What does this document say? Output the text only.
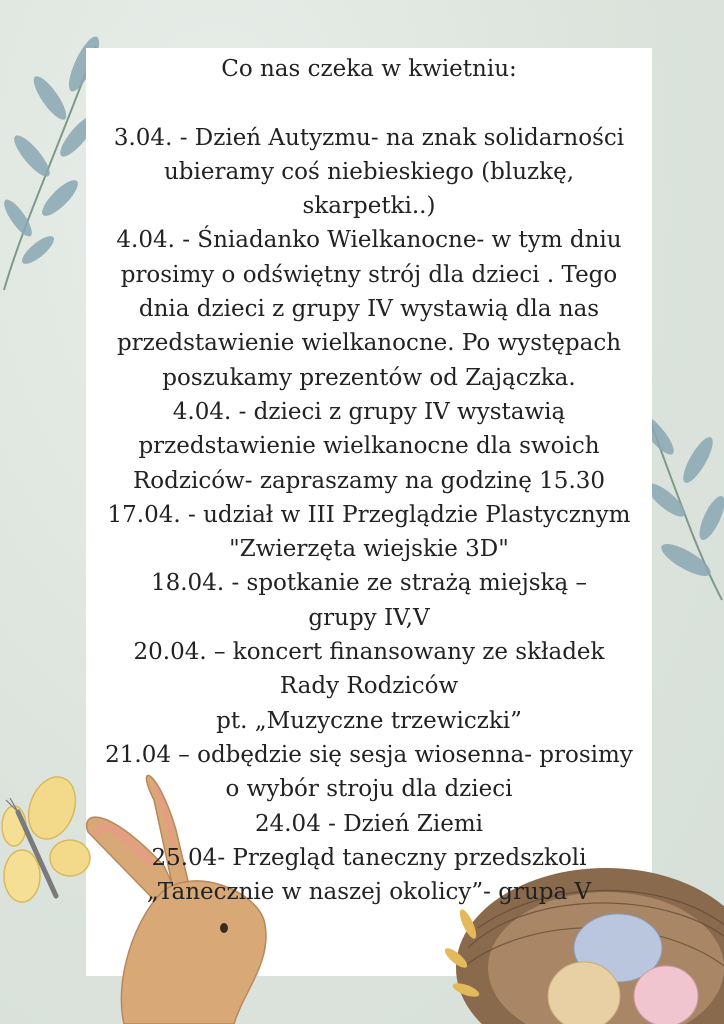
Co nas czeka w kwietniu:
3.04. - Dzień Autyzmu- na znak solidarności
ubieramy coś niebieskiego (bluzkę,
skarpetki..)
4.04. - Śniadanko Wielkanocne- w tym dniu
prosimy o odświętny strój dla dzieci . Tego
dnia dzieci z grupy IV wystawią dla nas
przedstawienie wielkanocne. Po występach
poszukamy prezentów od Zajączka.
4.04. - dzieci z grupy IV wystawią
przedstawienie wielkanocne dla swoich
Rodziców- zapraszamy na godzinę 15.30
17.04. - udział w III Przeglądzie Plastycznym
"Zwierzęta wiejskie 3D"
18.04. - spotkanie ze strażą miejską –
grupy IV,V
20.04. – koncert finansowany ze składek
Rady Rodziców
pt. „Muzyczne trzewiczki”
21.04 – odbędzie się sesja wiosenna- prosimy
o wybór stroju dla dzieci
24.04 - Dzień Ziemi
25.04- Przegląd taneczny przedszkoli
„Tanecznie w naszej okolicy”- grupa V
